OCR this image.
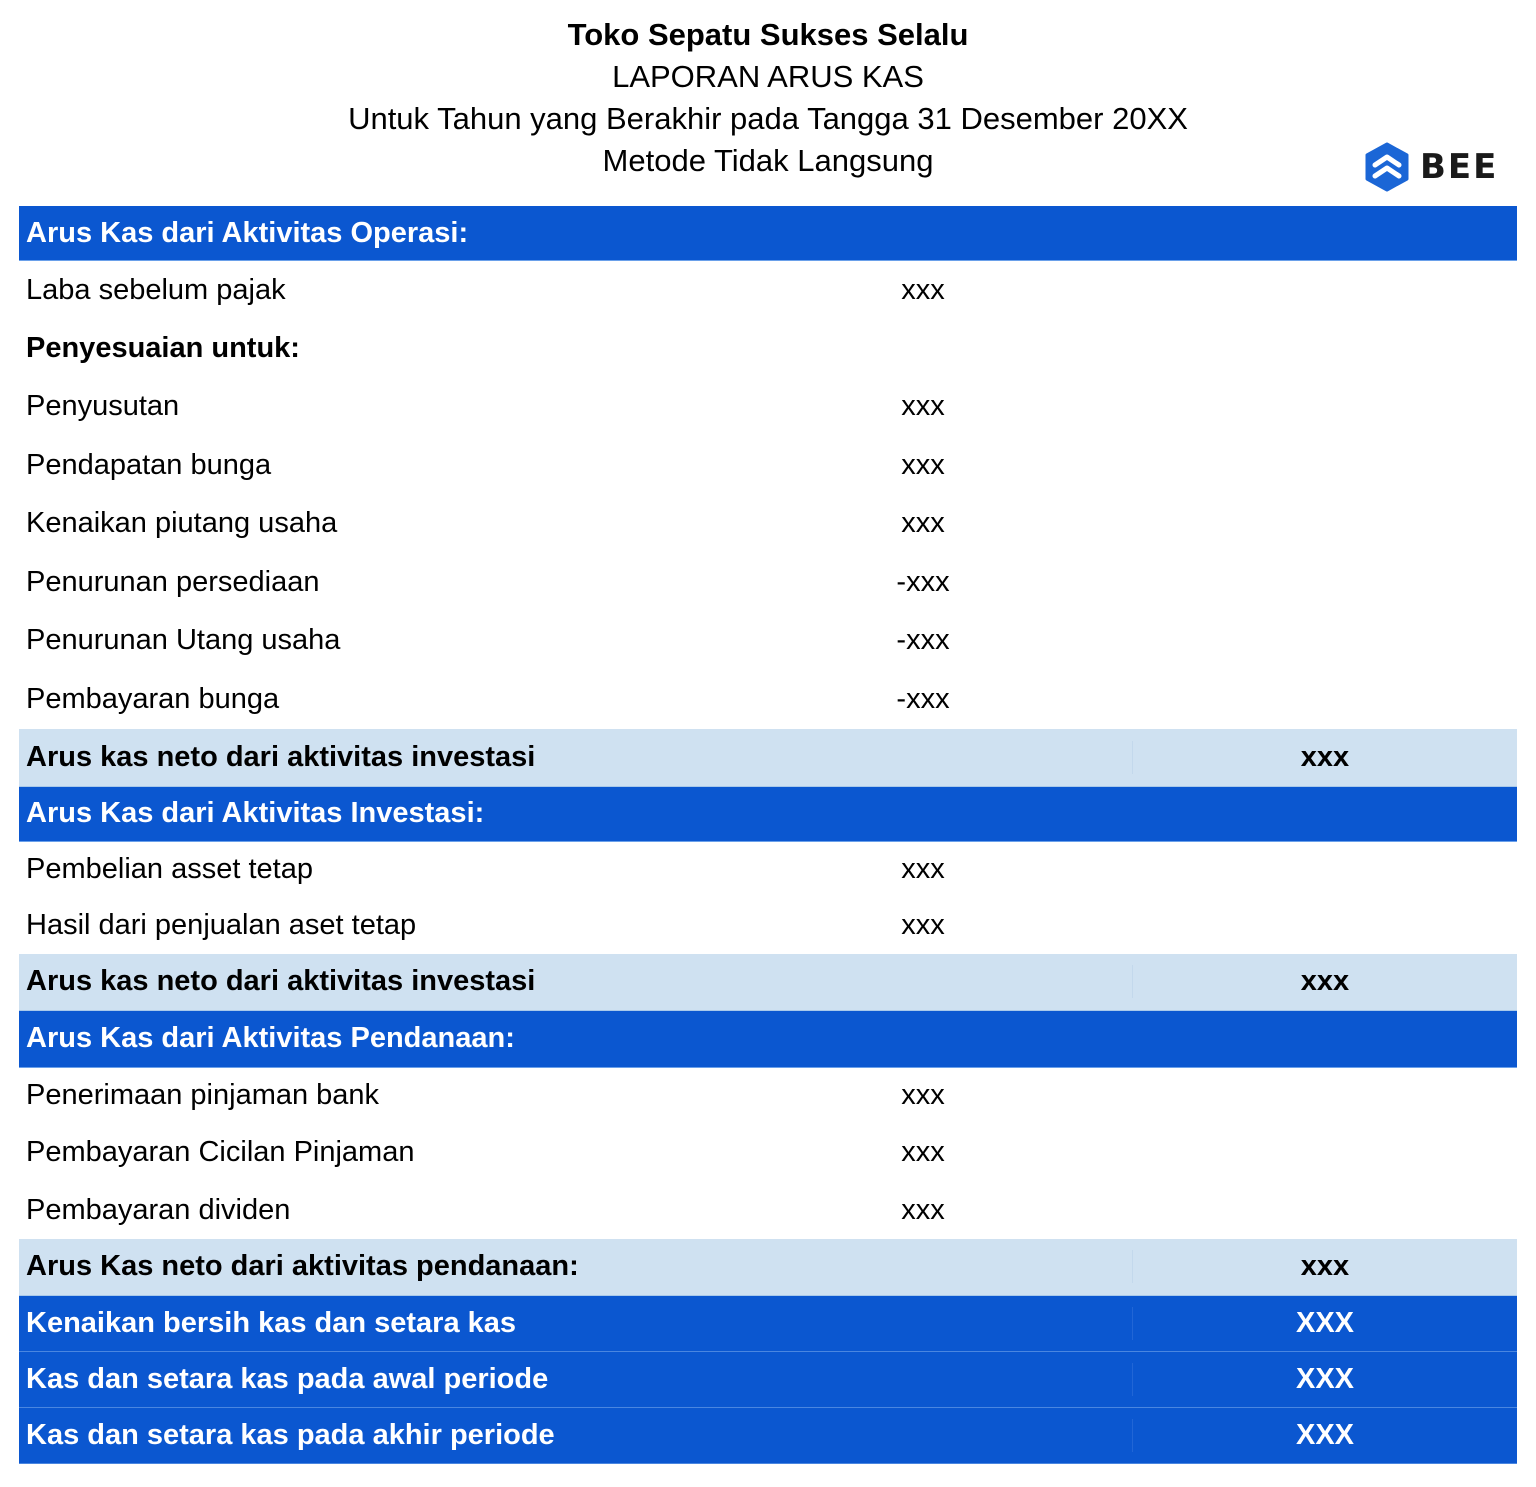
Toko Sepatu Sukses Selalu
LAPORAN ARUS KAS
Untuk Tahun yang Berakhir pada Tangga 31 Desember 20XX
Metode Tidak Langsung	BEE
Arus Kas dari Aktivitas Operasi:
Laba sebelum pajak	xxx
Penyesuaian untuk:
Penyusutan	xxx
Pendapatan bunga	xxx
Kenaikan piutang usaha	xxx
Penurunan persediaan	-xxx
Penurunan Utang usaha	-xxx
Pembayaran bunga	-xxx
Arus kas neto dari aktivitas investasi	xxx
Arus Kas dari Aktivitas Investasi:
Pembelian asset tetap	xxx
Hasil dari penjualan aset tetap	xxx
Arus kas neto dari aktivitas investasi	xxx
Arus Kas dari Aktivitas Pendanaan:
Penerimaan pinjaman bank	xxx
Pembayaran Cicilan Pinjaman	xxx
Pembayaran dividen	xxx
Arus Kas neto dari aktivitas pendanaan:	xxx
Kenaikan bersih kas dan setara kas	XXX
Kas dan setara kas pada awal periode	XXX
Kas dan setara kas pada akhir periode	XXX
